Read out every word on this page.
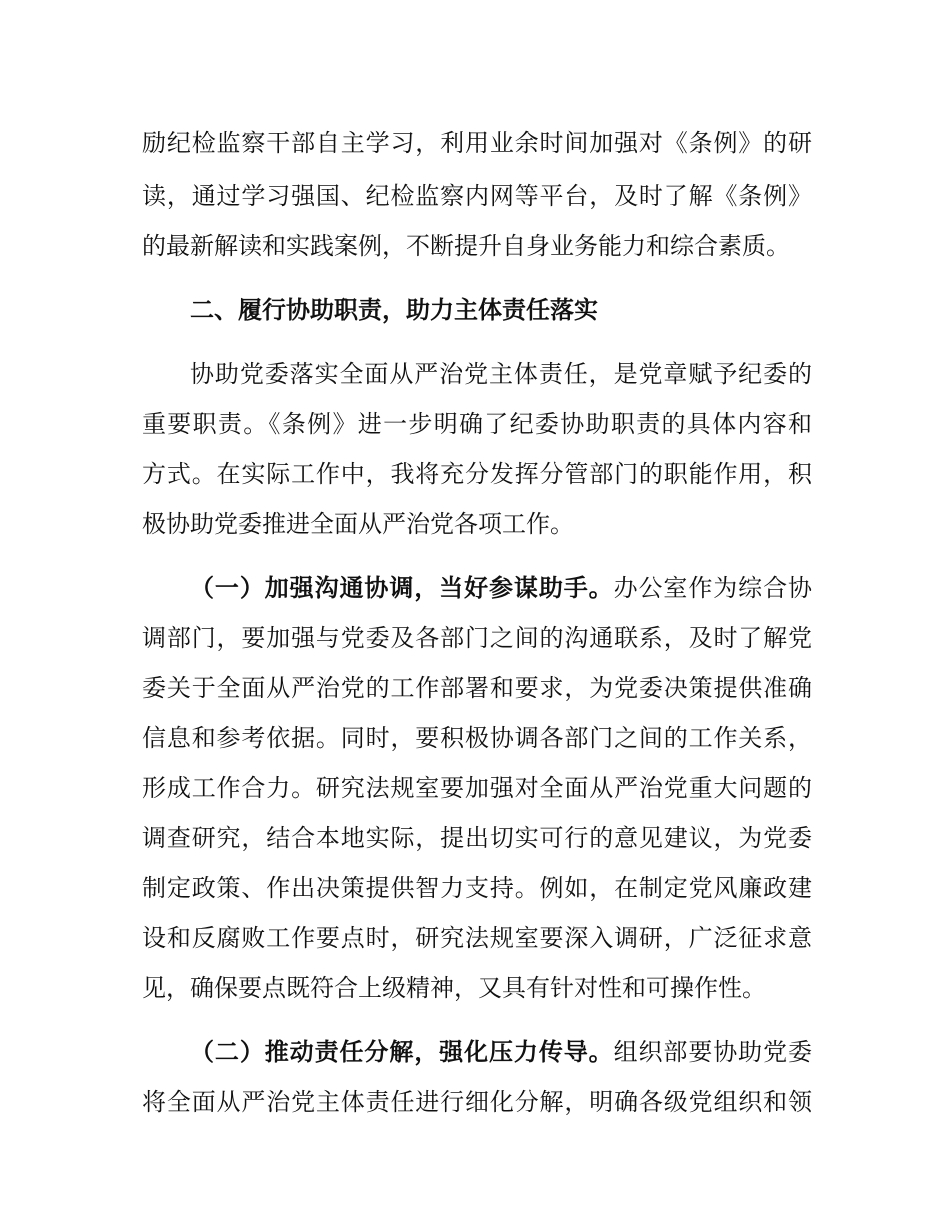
励纪检监察干部自主学习，利用业余时间加强对《条例》的研
读，通过学习强国、纪检监察内网等平台，及时了解《条例》
的最新解读和实践案例，不断提升自身业务能力和综合素质。
二、履行协助职责，助力主体责任落实
协助党委落实全面从严治党主体责任，是党章赋予纪委的
重要职责。《条例》进一步明确了纪委协助职责的具体内容和
方式。在实际工作中，我将充分发挥分管部门的职能作用，积
极协助党委推进全面从严治党各项工作。
（一）加强沟通协调，当好参谋助手。办公室作为综合协
调部门，要加强与党委及各部门之间的沟通联系，及时了解党
委关于全面从严治党的工作部署和要求，为党委决策提供准确
信息和参考依据。同时，要积极协调各部门之间的工作关系，
形成工作合力。研究法规室要加强对全面从严治党重大问题的
调查研究，结合本地实际，提出切实可行的意见建议，为党委
制定政策、作出决策提供智力支持。例如，在制定党风廉政建
设和反腐败工作要点时，研究法规室要深入调研，广泛征求意
见，确保要点既符合上级精神，又具有针对性和可操作性。
（二）推动责任分解，强化压力传导。组织部要协助党委
将全面从严治党主体责任进行细化分解，明确各级党组织和领
